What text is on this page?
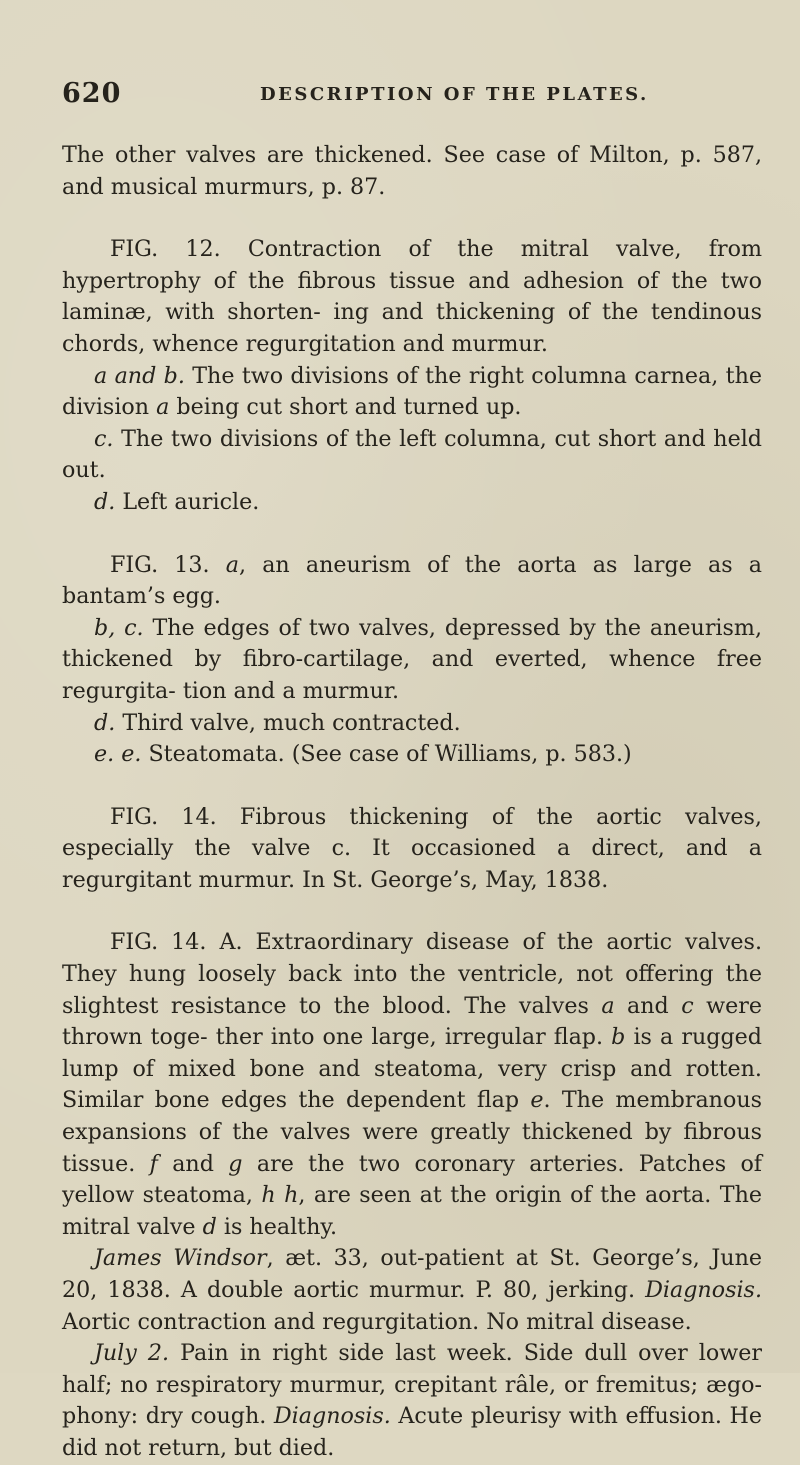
620	DESCRIPTION OF THE PLATES.

The other valves are thickened. See case of Milton, p. 587, and musical murmurs, p. 87.

FIG. 12. Contraction of the mitral valve, from hypertrophy of the fibrous tissue and adhesion of the two laminæ, with shorten- ing and thickening of the tendinous chords, whence regurgitation and murmur.

a and b. The two divisions of the right columna carnea, the division a being cut short and turned up.

c. The two divisions of the left columna, cut short and held out.

d. Left auricle.

FIG. 13. a, an aneurism of the aorta as large as a bantam’s egg.

b, c. The edges of two valves, depressed by the aneurism, thickened by fibro-cartilage, and everted, whence free regurgita- tion and a murmur.

d. Third valve, much contracted.

e. e. Steatomata. (See case of Williams, p. 583.)

FIG. 14. Fibrous thickening of the aortic valves, especially the valve c. It occasioned a direct, and a regurgitant murmur. In St. George’s, May, 1838.

FIG. 14. A. Extraordinary disease of the aortic valves. They hung loosely back into the ventricle, not offering the slightest resistance to the blood. The valves a and c were thrown toge- ther into one large, irregular flap. b is a rugged lump of mixed bone and steatoma, very crisp and rotten. Similar bone edges the dependent flap e. The membranous expansions of the valves were greatly thickened by fibrous tissue. f and g are the two coronary arteries. Patches of yellow steatoma, h h, are seen at the origin of the aorta. The mitral valve d is healthy.

James Windsor, æt. 33, out-patient at St. George’s, June 20, 1838. A double aortic murmur. P. 80, jerking. Diagnosis. Aortic contraction and regurgitation. No mitral disease.

July 2. Pain in right side last week. Side dull over lower half; no respiratory murmur, crepitant râle, or fremitus; ægo- phony: dry cough. Diagnosis. Acute pleurisy with effusion. He did not return, but died.
